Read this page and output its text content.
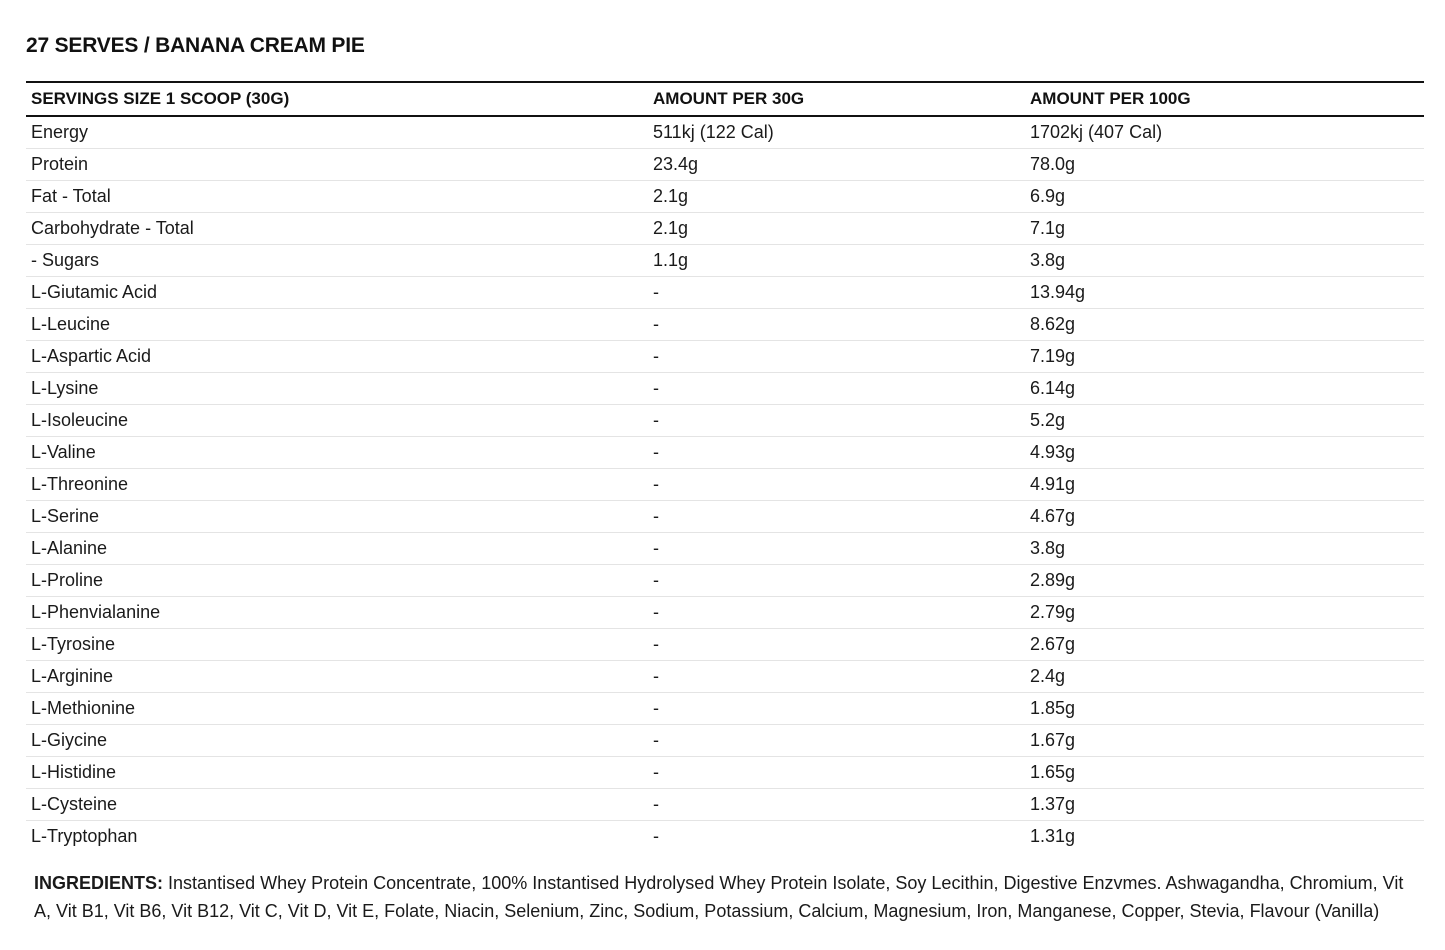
27 SERVES / BANANA CREAM PIE
SERVINGS SIZE 1 SCOOP (30G)	AMOUNT PER 30G	AMOUNT PER 100G
Energy	511kj (122 Cal)	1702kj (407 Cal)
Protein	23.4g	78.0g
Fat - Total	2.1g	6.9g
Carbohydrate - Total	2.1g	7.1g
- Sugars	1.1g	3.8g
L-Giutamic Acid	-	13.94g
L-Leucine	-	8.62g
L-Aspartic Acid	-	7.19g
L-Lysine	-	6.14g
L-Isoleucine	-	5.2g
L-Valine	-	4.93g
L-Threonine	-	4.91g
L-Serine	-	4.67g
L-Alanine	-	3.8g
L-Proline	-	2.89g
L-Phenvialanine	-	2.79g
L-Tyrosine	-	2.67g
L-Arginine	-	2.4g
L-Methionine	-	1.85g
L-Giycine	-	1.67g
L-Histidine	-	1.65g
L-Cysteine	-	1.37g
L-Tryptophan	-	1.31g

INGREDIENTS: Instantised Whey Protein Concentrate, 100% Instantised Hydrolysed Whey Protein Isolate, Soy Lecithin, Digestive Enzvmes. Ashwagandha, Chromium, Vit A, Vit B1, Vit B6, Vit B12, Vit C, Vit D, Vit E, Folate, Niacin, Selenium, Zinc, Sodium, Potassium, Calcium, Magnesium, Iron, Manganese, Copper, Stevia, Flavour (Vanilla)
